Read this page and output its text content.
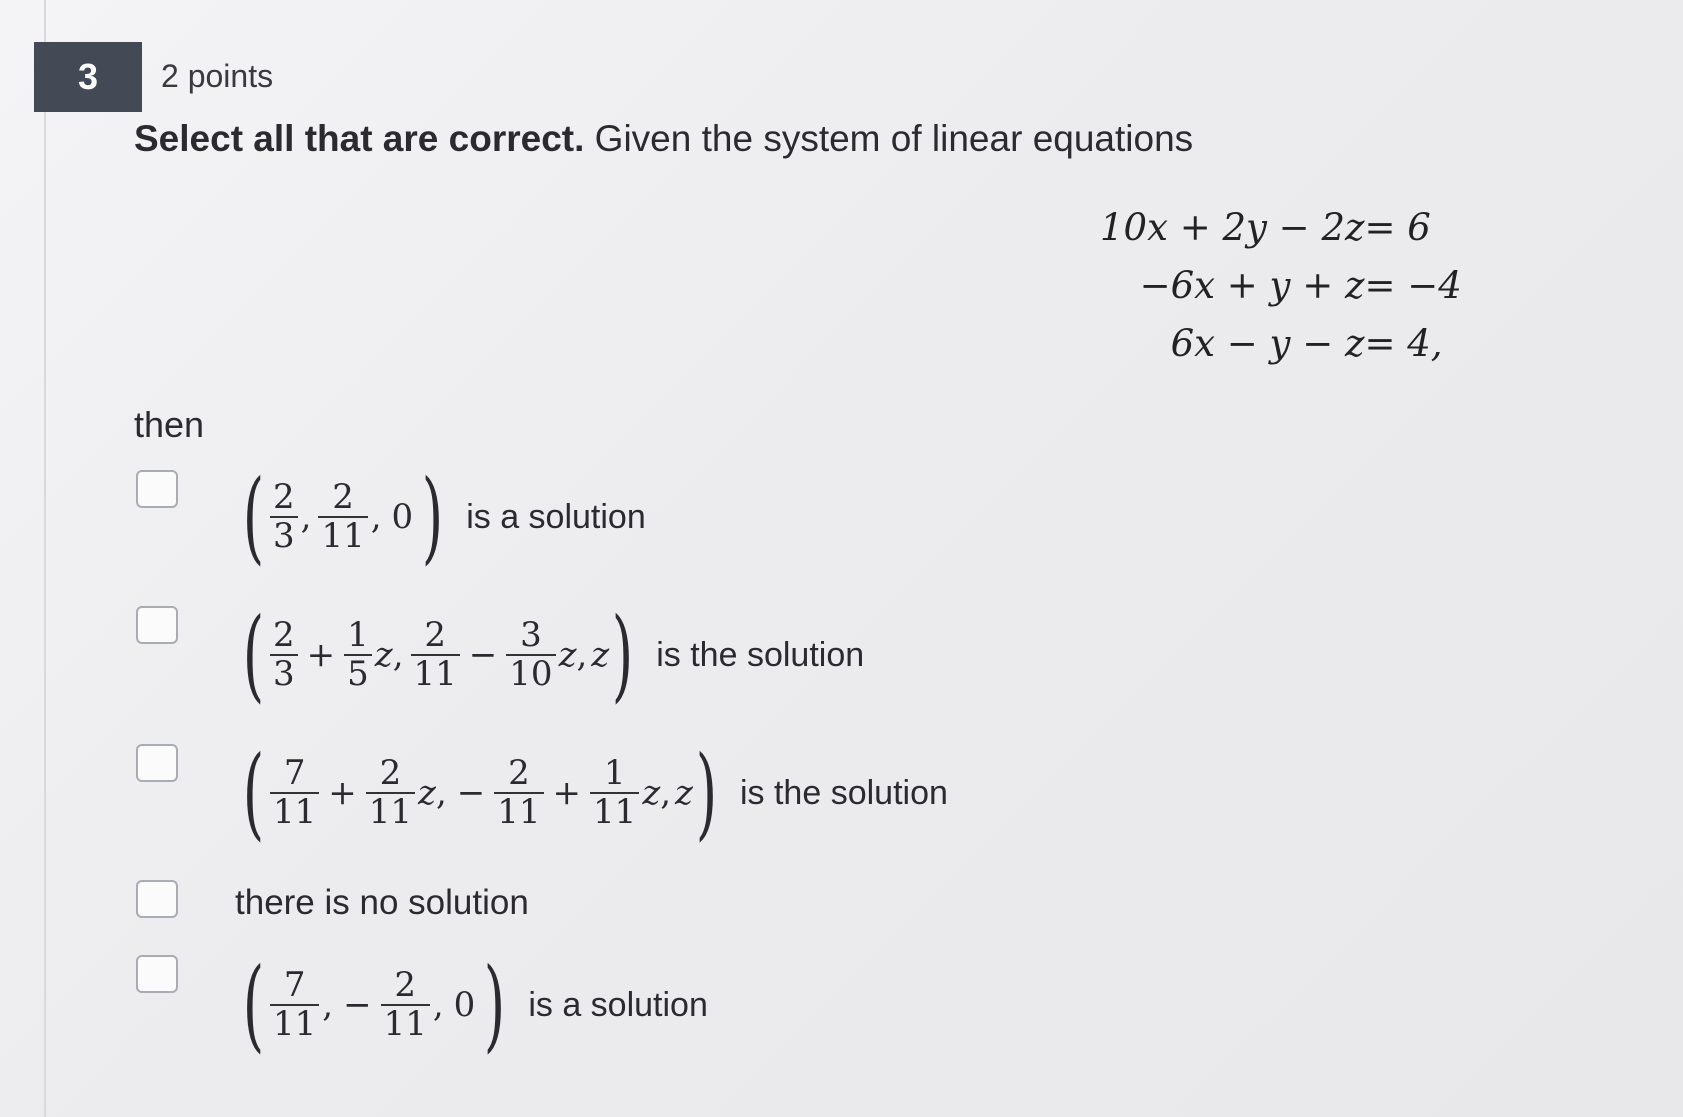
3	2 points
Select all that are correct. Given the system of linear equations
10x + 2y − 2z	= 6
−6x + y + z	= −4
6x − y − z	= 4,
then
( $\frac{2}{3}$ , $\frac{2}{11}$ , 0 ) is a solution
( $\frac{2}{3} + \frac{1}{5}$ z , $\frac{2}{11} - \frac{3}{10}$ z , z ) is the solution
( $\frac{7}{11} + \frac{2}{11}$ z , − $\frac{2}{11} + \frac{1}{11}$ z , z ) is the solution
there is no solution
( $\frac{7}{11}$ , − $\frac{2}{11}$ , 0 ) is a solution
